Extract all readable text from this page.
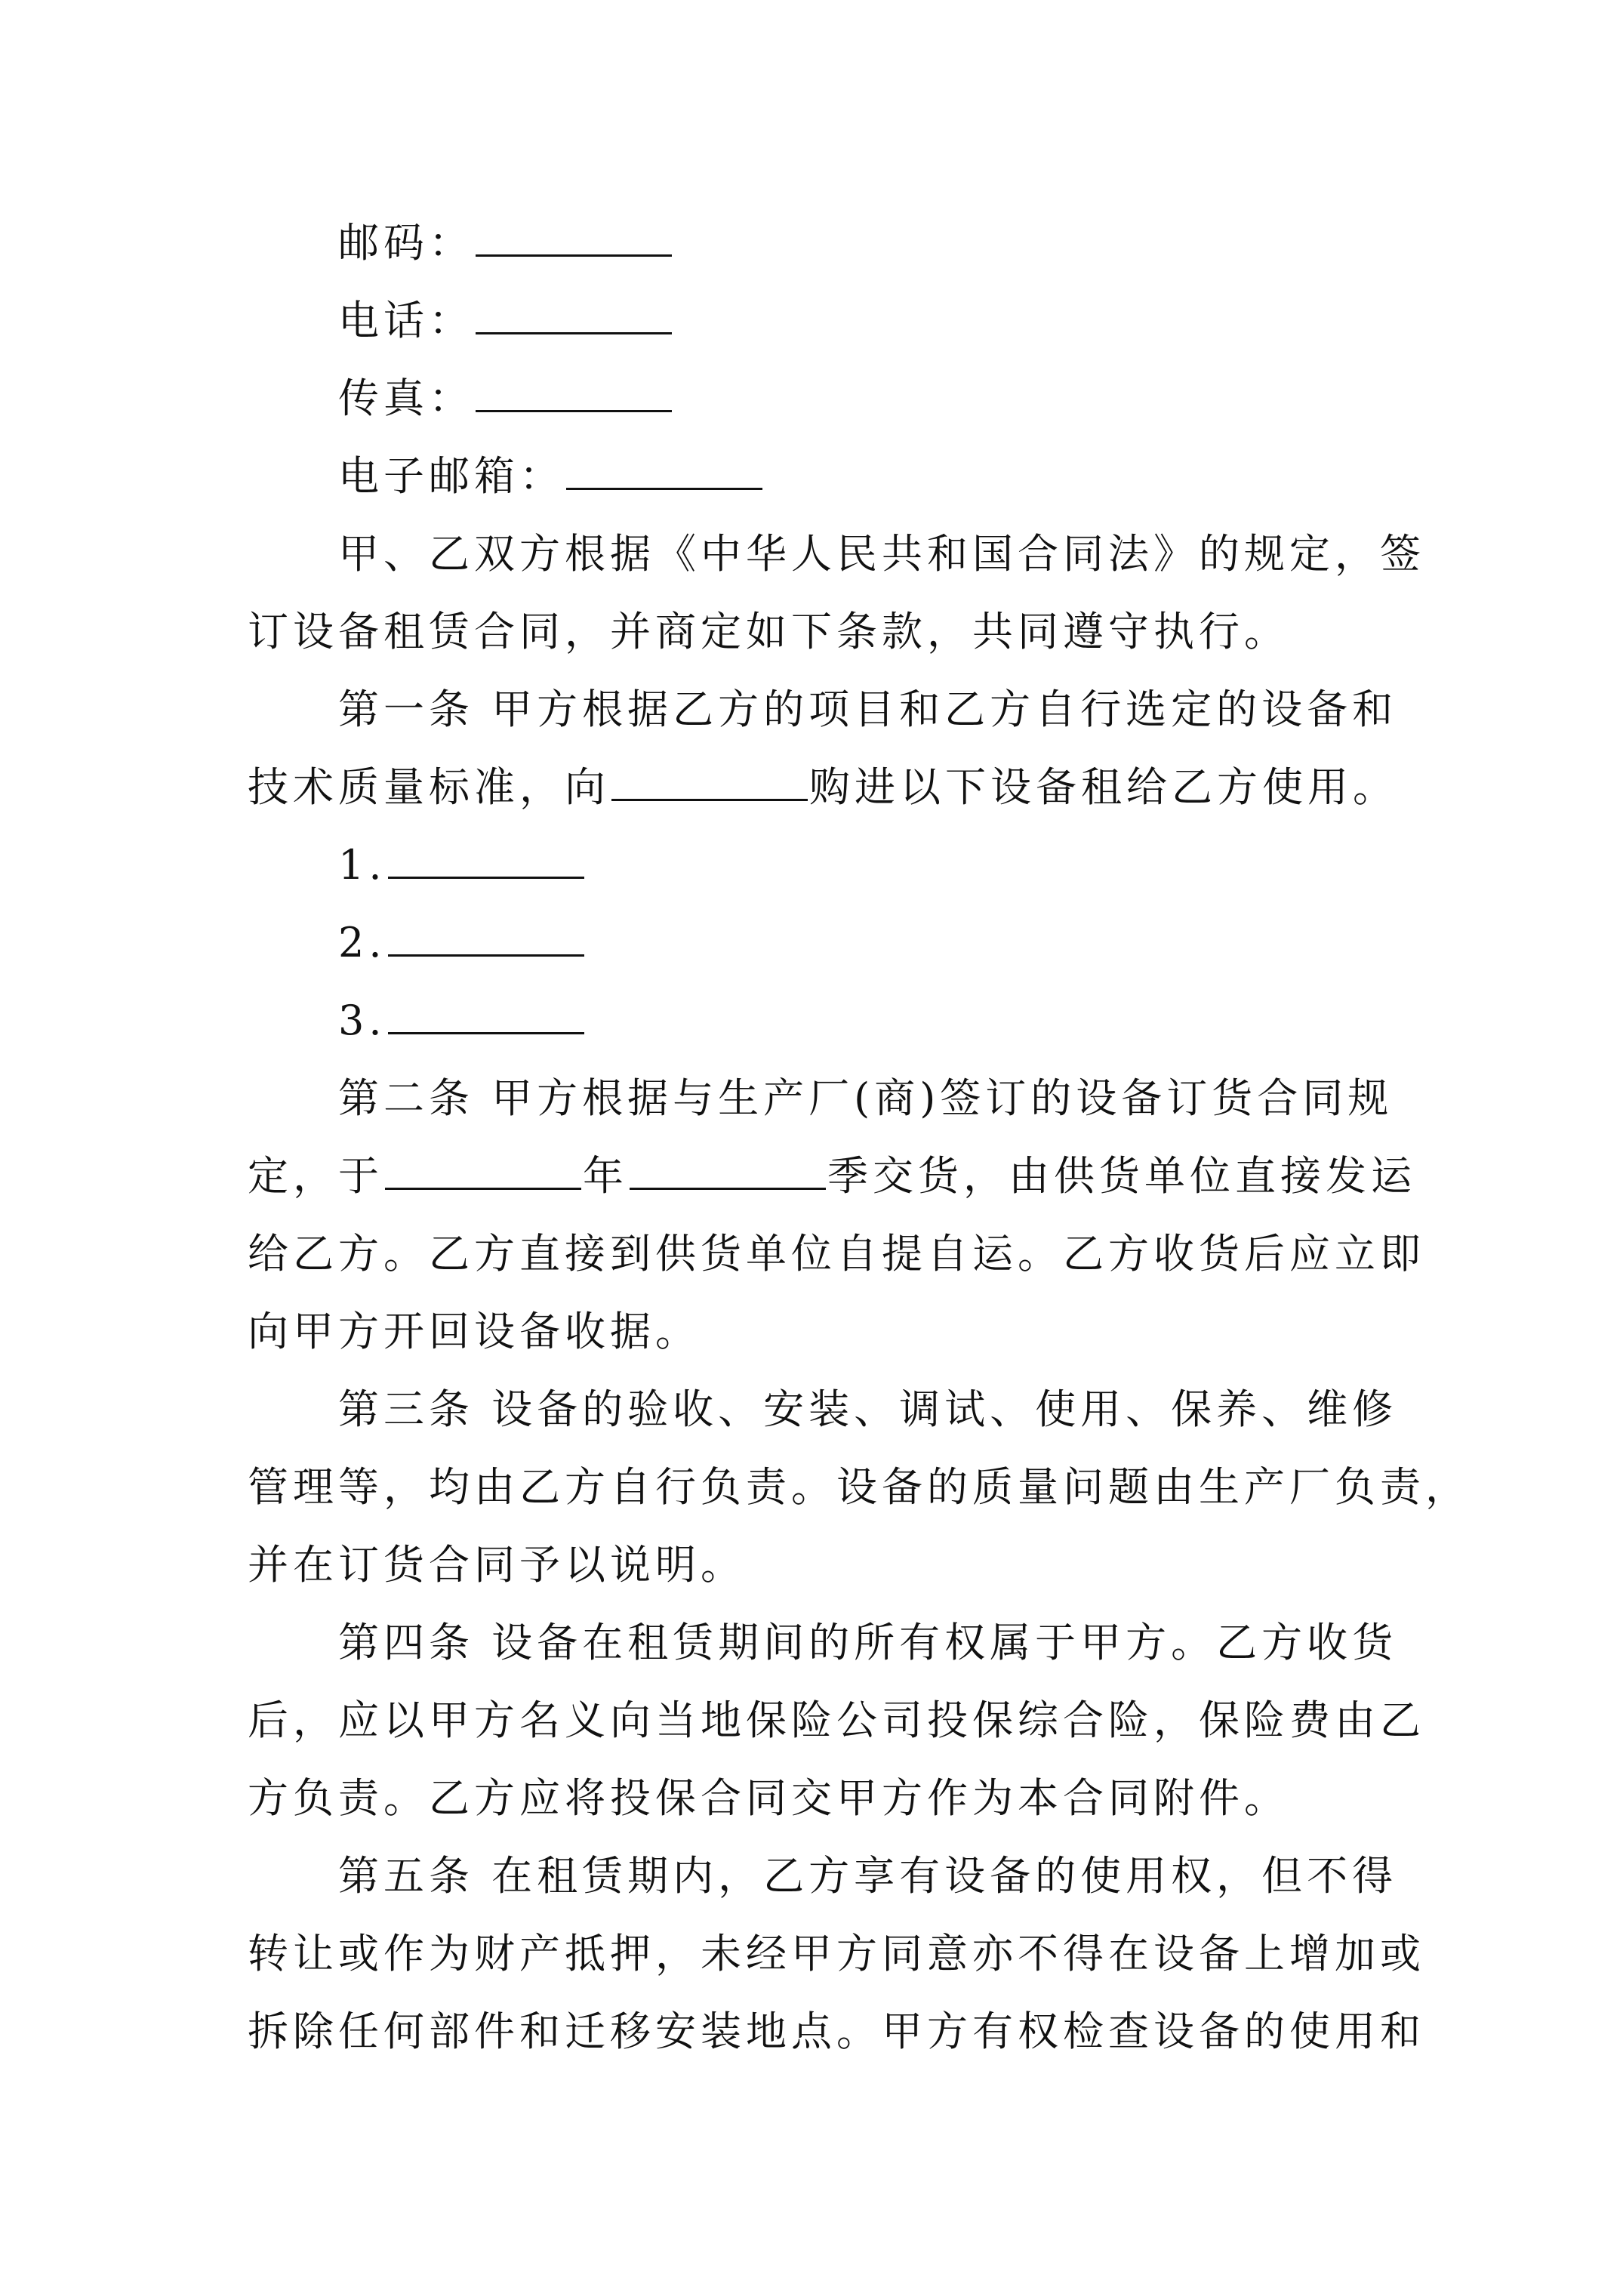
邮码：
电话：
传真：
电子邮箱：
甲、乙双方根据《中华人民共和国合同法》的规定，签
订设备租赁合同，并商定如下条款，共同遵守执行。
第一条 甲方根据乙方的项目和乙方自行选定的设备和
技术质量标准，向	购进以下设备租给乙方使用。
1.
2.
3.
第二条 甲方根据与生产厂(商)签订的设备订货合同规
定，于	年	季交货，由供货单位直接发运
给乙方。乙方直接到供货单位自提自运。乙方收货后应立即
向甲方开回设备收据。
第三条 设备的验收、安装、调试、使用、保养、维修
管理等，均由乙方自行负责。设备的质量问题由生产厂负责，
并在订货合同予以说明。
第四条 设备在租赁期间的所有权属于甲方。乙方收货
后，应以甲方名义向当地保险公司投保综合险，保险费由乙
方负责。乙方应将投保合同交甲方作为本合同附件。
第五条 在租赁期内，乙方享有设备的使用权，但不得
转让或作为财产抵押，未经甲方同意亦不得在设备上增加或
拆除任何部件和迁移安装地点。甲方有权检查设备的使用和
